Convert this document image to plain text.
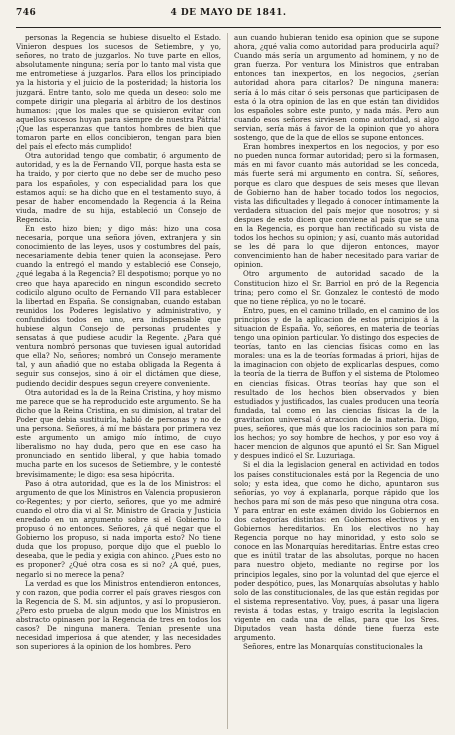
746	4 DE MAYO DE 1841.

personas la Regencia se hubiese disuelto el Estado. Vinieron despues los sucesos de Setiembre, y yo, señores, no trato de juzgarlos. No tuve parte en ellos, absolutamente ninguna; sería por lo tanto mal vista que me entrometiese á juzgarlos. Para ellos los principiado ya la historia y el juicio de la posteridad; la historia los juzgará. Entre tanto, solo me queda un deseo: solo me compete dirigir una plegaria al árbitro de los destinos humanos: ¡que los males que se quisieron evitar con aquellos sucesos huyan para siempre de nuestra Pátria! ¡Que las esperanzas que tantos hombres de bien que tomaron parte en ellos concibieron, tengan para bien del país el efecto más cumplido!

Otra autoridad tengo que combatir, ó argumento de autoridad, y es la de Fernando VII, porque hasta esta se ha traido, y por cierto que no debe ser de mucho peso para los españoles, y con especialidad para los que estamos aquí: se ha dicho que en el testamento suyo, á pesar de haber encomendado la Regencia á la Reina viuda, madre de su hija, estableció un Consejo de Regencia.

En esto hizo bien; y digo más: hizo una cosa necesaria, porque una señora jóven, extranjera y sin conocimiento de las leyes, usos y costumbres del país, necesariamente debia tener quien la aconsejase. Pero cuando la entregó el mando y estableció ese Consejo, ¿qué legaba á la Regencia? El despotismo; porque yo no creo que haya aparecido en ningun escondido secreto codicilo alguno oculto de Fernando VII para establecer la libertad en España. Se consignaban, cuando estaban reunidos los Poderes legislativo y administrativo, y confundidos todos en uno, era indispensable que hubiese algun Consejo de personas prudentes y sensatas á que pudiese acudir la Regente. ¿Para qué ventura nombró personas que tuviesen igual autoridad que ella? No, señores; nombró un Consejo meramente tal, y aun añadió que no estaba obligada la Regenta á seguir sus consejos, sino á oir el dictámen que diese, pudiendo decidir despues segun creyere conveniente.

Otra autoridad es la de la Reina Cristina, y hoy mismo me parece que se ha reproducido este argumento. Se ha dicho que la Reina Cristina, en su dimision, al tratar del Poder que debia sustituirla, habló de personas y no de una persona. Señores, á mí me bástara por primera vez este argumento un amigo mío íntimo, de cuyo liberalismo no hay duda, pero que en ese caso ha pronunciado en sentido liberal, y que habia tomado mucha parte en los sucesos de Setiembre, y le contesté brevísimamente; le digo: esa sesa hipócrita.

Paso á otra autoridad, que es la de los Ministros: el argumento de que los Ministros en Valencia propusieron co-Regentes; y por cierto, señores, que yo me admiré cuando el otro dia vi al Sr. Ministro de Gracia y Justicia enredado en un argumento sobre si el Gobierno lo propuso ó no entonces. Señores, ¿á qué negar que el Gobierno los propuso, si nada importa esto? No tiene duda que los propuso, porque dijo que el pueblo lo deseaba, que le pedia y exigia con ahinco. ¿Pues esto no es proponer? ¿Qué otra cosa es si no? ¿A qué, pues, negarlo si no merece la pena?

La verdad es que los Ministros entendieron entonces, y con razon, que podia correr el país graves riesgos con la Regencia de S. M. sin adjuntos, y así lo propusieron. ¿Pero esto prueba de algun modo que los Ministros en abstracto opinasen por la Regencia de tres en todos los casos? De ninguna manera. Tenian presente una necesidad imperiosa á que atender, y las necesidades son superiores á la opinion de los hombres. Pero

aun cuando hubieran tenido esa opinion que se supone ahora, ¿qué valia como autoridad para producirla aquí? Cuando más sería un argumento ad hominem, y no de gran fuerza. Por ventura los Ministros que entraban entonces tan inexpertos, en los negocios, ¿serían autoridad ahora para citarlos? De ninguna manera: sería á lo más citar ó seis personas que participasen de esta ó la otra opinion de las en que están tan divididos los españoles sobre este punto, y nada más. Pero aun cuando esos señores sirviesen como autoridad, si algo servian, sería más á favor de la opinion que yo ahora sostengo, que de la que de ellos se supone entonces.

Eran hombres inexpertos en los negocios, y por eso no pueden nunca formar autoridad; pero si la formasen, más en mi favor cuanto más autoridad se les conceda, más fuerte será mi argumento en contra. Sí, señores, porque es claro que despues de seis meses que llevan de Gobierno han de haber tocado todos los negocios, vista las dificultades y llegado á conocer íntimamente la verdadera situacion del país mejor que nosotros; y si despues de esto dicen que conviene al país que se una en la Regencia, es porque han rectificado su vista de todos los hechos su opinion; y así, cuanto más autoridad se les dé para lo que dijeron entonces, mayor convencimiento han de haber necesitado para variar de opinion.

Otro argumento de autoridad sacado de la Constitucion hizo el Sr. Barriol en pró de la Regencia trina; pero como el Sr. Gonzalez le contestó de modo que no tiene réplica, yo no le tocaré.

Entro, pues, en el camino trillado, en el camino de los principios y de la aplicacion de estos principios á la situacion de España. Yo, señores, en materia de teorías tengo una opinion particular. Yo distingo dos especies de teorías, tanto en las ciencias físicas como en las morales: una es la de teorías formadas á priori, hijas de la imaginacion con objeto de explicarlas despues, como la teoría de la tierra de Buffon y el sistema de Ptolomeo en ciencias físicas. Otras teorías hay que son el resultado de los hechos bien observados y bien estudiados y justificados, las cuales producen una teoría fundada, tal como en las ciencias físicas la de la gravitacion universal ó atraccion de la materia. Digo, pues, señores, que más que los raciocinios son para mí los hechos; yo soy hombre de hechos, y por eso voy á hacer mencion de algunos que apuntó el Sr. San Miguel y despues indicó el Sr. Luzuriaga.

Si el dia la legislacion general en actividad en todos los países constitucionales está por la Regencia de uno solo; y esta idea, que como he dicho, apuntaron sus señorías, yo voy á explanarla, porque rápido que los hechos para mí son de más peso que ninguna otra cosa. Y para entrar en este exámen divido los Gobiernos en dos categorías distintas: en Gobiernos electivos y en Gobiernos hereditarios. En los electivos no hay Regencia porque no hay minoridad, y esto solo se conoce en las Monarquías hereditarias. Entre estas creo que es inútil tratar de las absolutas, porque no hacen para nuestro objeto, mediante no regirse por los principios legales, sino por la voluntad del que ejerce el poder despótico, pues, las Monarquías absolutas y hablo solo de las constitucionales, de las que están regidas por el sistema representativo. Voy, pues, á pasar una ligera revista á todas estas, y traigo escrita la legislacion vigente en cada una de ellas, para que los Sres. Diputados vean hasta dónde tiene fuerza este argumento.

Señores, entre las Monarquías constitucionales la
